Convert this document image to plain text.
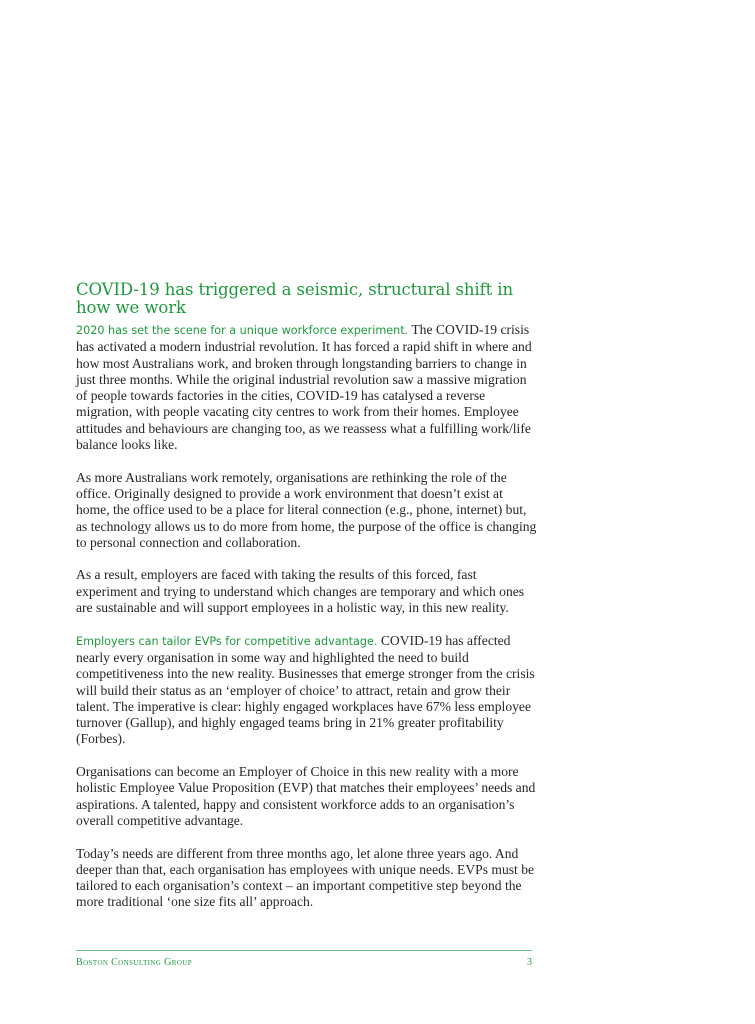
COVID-19 has triggered a seismic, structural shift in how we work

2020 has set the scene for a unique workforce experiment. The COVID-19 crisis has activated a modern industrial revolution. It has forced a rapid shift in where and how most Australians work, and broken through longstanding barriers to change in just three months. While the original industrial revolution saw a massive migration of people towards factories in the cities, COVID-19 has catalysed a reverse migration, with people vacating city centres to work from their homes. Employee attitudes and behaviours are changing too, as we reassess what a fulfilling work/life balance looks like.

As more Australians work remotely, organisations are rethinking the role of the office. Originally designed to provide a work environment that doesn’t exist at home, the office used to be a place for literal connection (e.g., phone, internet) but, as technology allows us to do more from home, the purpose of the office is changing to personal connection and collaboration.

As a result, employers are faced with taking the results of this forced, fast experiment and trying to understand which changes are temporary and which ones are sustainable and will support employees in a holistic way, in this new reality.

Employers can tailor EVPs for competitive advantage. COVID-19 has affected nearly every organisation in some way and highlighted the need to build competitiveness into the new reality. Businesses that emerge stronger from the crisis will build their status as an ‘employer of choice’ to attract, retain and grow their talent. The imperative is clear: highly engaged workplaces have 67% less employee turnover (Gallup), and highly engaged teams bring in 21% greater profitability (Forbes).

Organisations can become an Employer of Choice in this new reality with a more holistic Employee Value Proposition (EVP) that matches their employees’ needs and aspirations. A talented, happy and consistent workforce adds to an organisation’s overall competitive advantage.

Today’s needs are different from three months ago, let alone three years ago. And deeper than that, each organisation has employees with unique needs. EVPs must be tailored to each organisation’s context – an important competitive step beyond the more traditional ‘one size fits all’ approach.

Boston Consulting Group	3
